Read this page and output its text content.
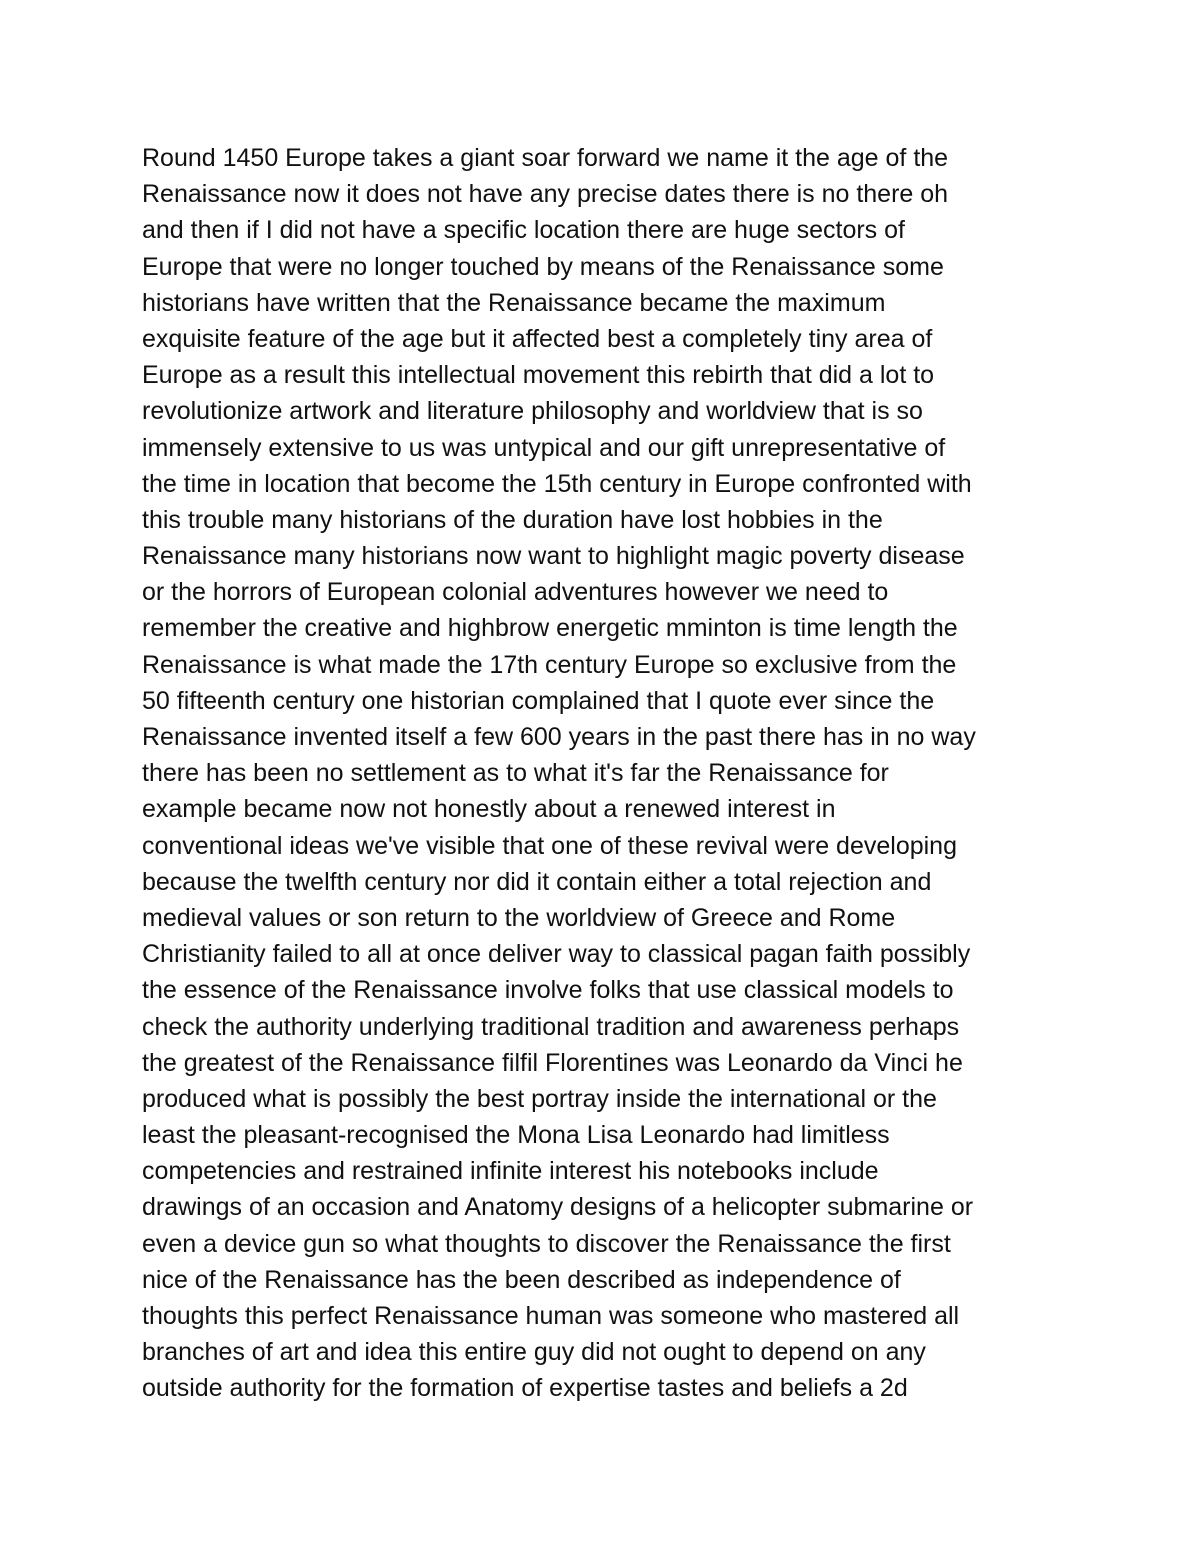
Round 1450 Europe takes a giant soar forward we name it the age of the
Renaissance now it does not have any precise dates there is no there oh
and then if I did not have a specific location there are huge sectors of
Europe that were no longer touched by means of the Renaissance some
historians have written that the Renaissance became the maximum
exquisite feature of the age but it affected best a completely tiny area of
Europe as a result this intellectual movement this rebirth that did a lot to
revolutionize artwork and literature philosophy and worldview that is so
immensely extensive to us was untypical and our gift unrepresentative of
the time in location that become the 15th century in Europe confronted with
this trouble many historians of the duration have lost hobbies in the
Renaissance many historians now want to highlight magic poverty disease
or the horrors of European colonial adventures however we need to
remember the creative and highbrow energetic mminton is time length the
Renaissance is what made the 17th century Europe so exclusive from the
50 fifteenth century one historian complained that I quote ever since the
Renaissance invented itself a few 600 years in the past there has in no way
there has been no settlement as to what it's far the Renaissance for
example became now not honestly about a renewed interest in
conventional ideas we've visible that one of these revival were developing
because the twelfth century nor did it contain either a total rejection and
medieval values or son return to the worldview of Greece and Rome
Christianity failed to all at once deliver way to classical pagan faith possibly
the essence of the Renaissance involve folks that use classical models to
check the authority underlying traditional tradition and awareness perhaps
the greatest of the Renaissance filfil Florentines was Leonardo da Vinci he
produced what is possibly the best portray inside the international or the
least the pleasant-recognised the Mona Lisa Leonardo had limitless
competencies and restrained infinite interest his notebooks include
drawings of an occasion and Anatomy designs of a helicopter submarine or
even a device gun so what thoughts to discover the Renaissance the first
nice of the Renaissance has the been described as independence of
thoughts this perfect Renaissance human was someone who mastered all
branches of art and idea this entire guy did not ought to depend on any
outside authority for the formation of expertise tastes and beliefs a 2d
